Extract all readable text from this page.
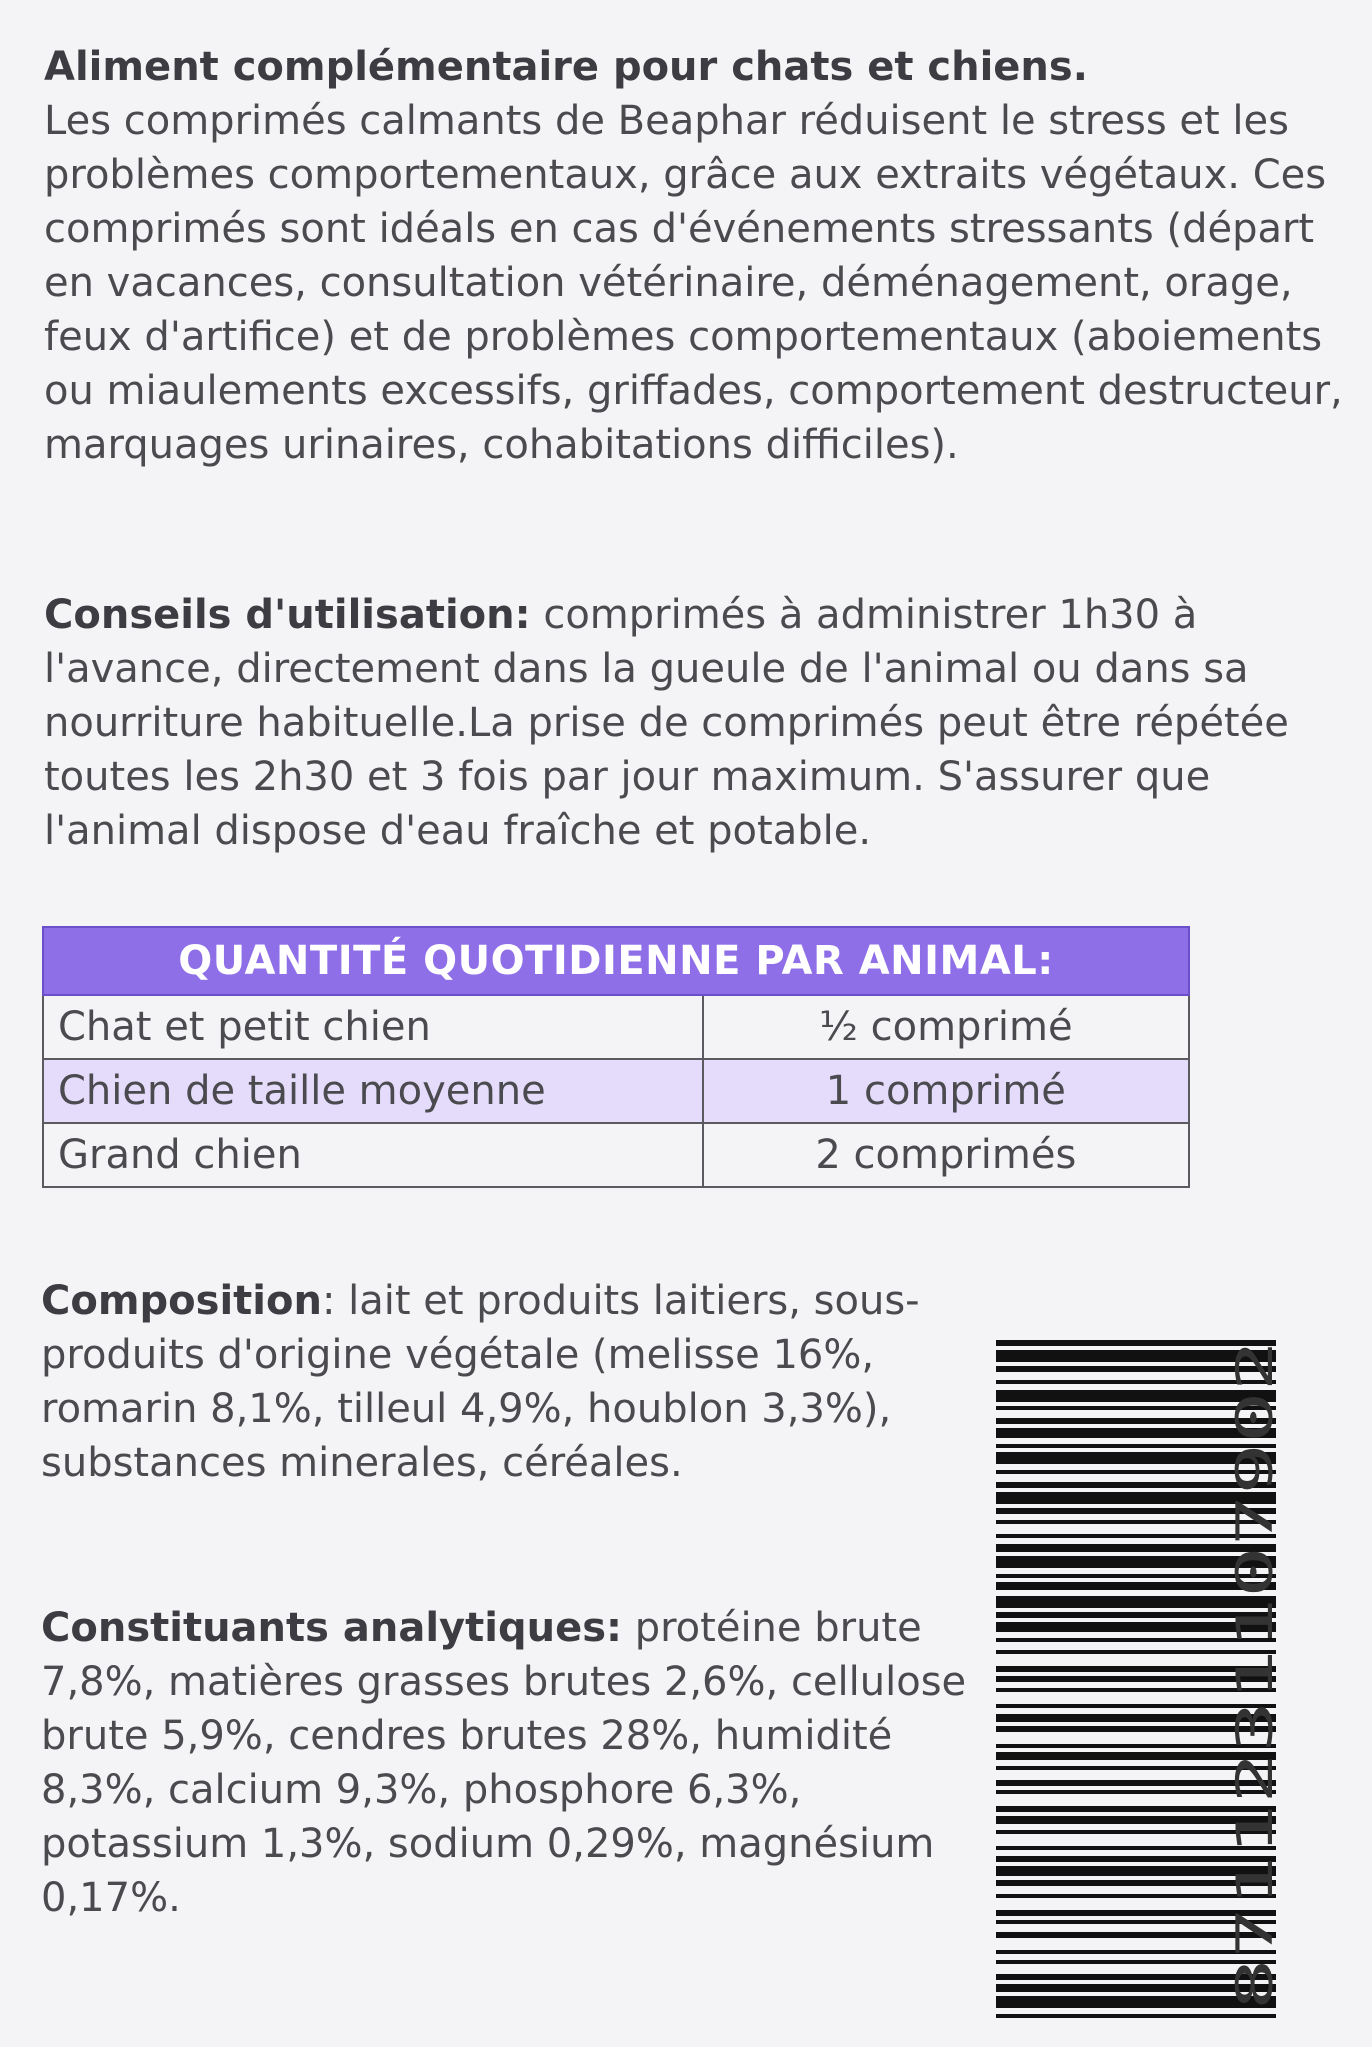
Aliment complémentaire pour chats et chiens.
Les comprimés calmants de Beaphar réduisent le stress et les problèmes comportementaux, grâce aux extraits végétaux. Ces comprimés sont idéals en cas d'événements stressants (départ en vacances, consultation vétérinaire, déménagement, orage, feux d'artifice) et de problèmes comportementaux (aboiements ou miaulements excessifs, griffades, comportement destructeur, marquages urinaires, cohabitations difficiles).
Conseils d'utilisation: comprimés à administrer 1h30 à l'avance, directement dans la gueule de l'animal ou dans sa nourriture habituelle.La prise de comprimés peut être répétée toutes les 2h30 et 3 fois par jour maximum. S'assurer que l'animal dispose d'eau fraîche et potable.
QUANTITÉ QUOTIDIENNE PAR ANIMAL:	
Chat et petit chien	½ comprimé
Chien de taille moyenne	1 comprimé
Grand chien	2 comprimés
Composition: lait et produits laitiers, sous-produits d'origine végétale (melisse 16%, romarin 8,1%, tilleul 4,9%, houblon 3,3%), substances minerales, céréales.
Constituants analytiques: protéine brute 7,8%, matières grasses brutes 2,6%, cellulose brute 5,9%, cendres brutes 28%, humidité 8,3%, calcium 9,3%, phosphore 6,3%, potassium 1,3%, sodium 0,29%, magnésium 0,17%.	8711231107902
